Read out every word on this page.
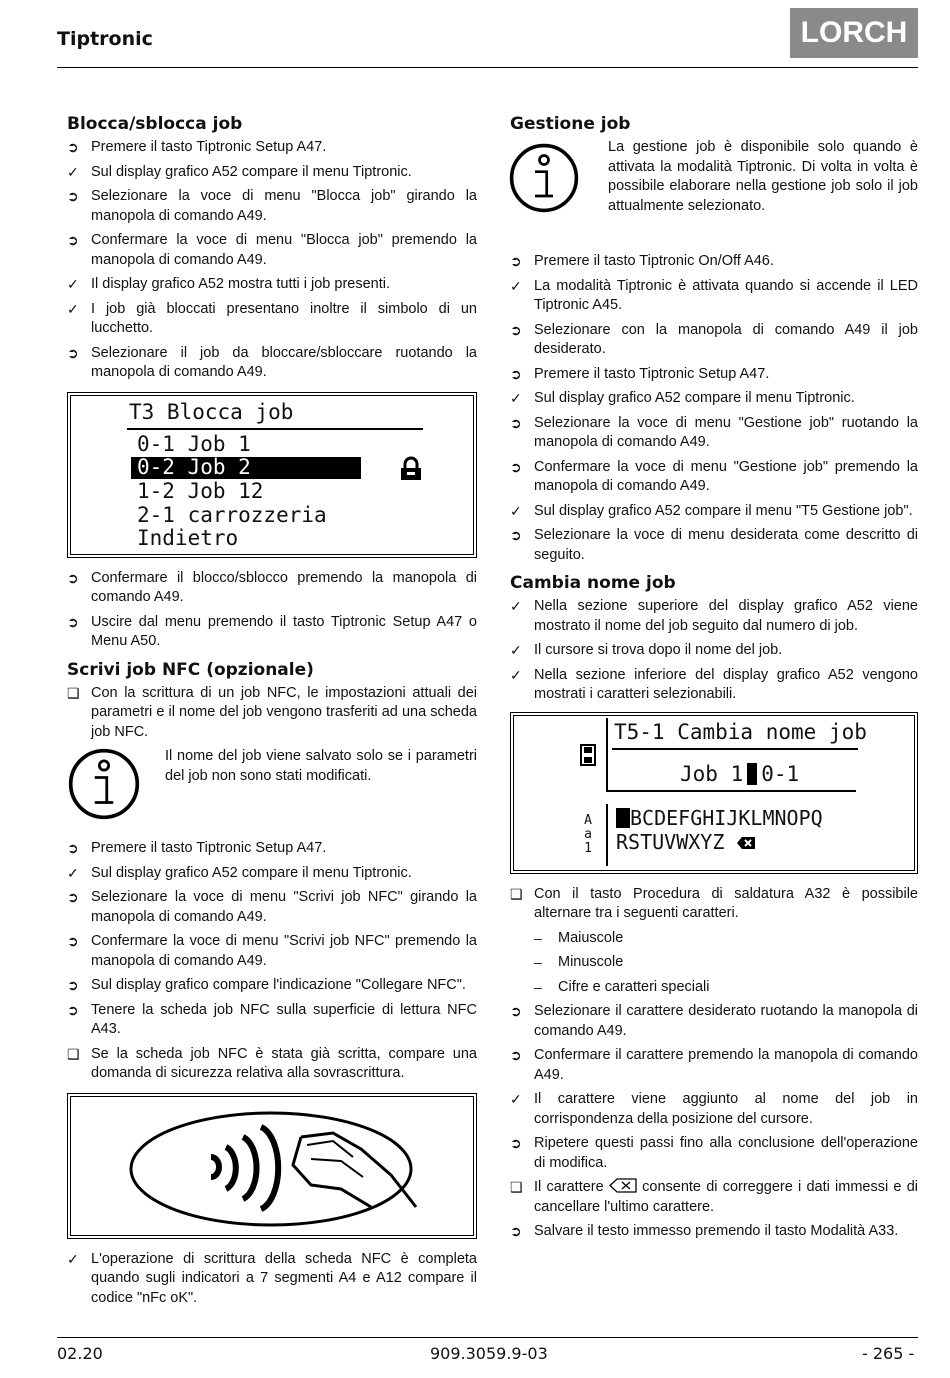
Tiptronic	LORCH
Blocca/sblocca job
➲ Premere il tasto Tiptronic Setup A47.
✓ Sul display grafico A52 compare il menu Tiptronic.
➲ Selezionare la voce di menu "Blocca job" girando la manopola di comando A49.
➲ Confermare la voce di menu "Blocca job" premendo la manopola di comando A49.
✓ Il display grafico A52 mostra tutti i job presenti.
✓ I job già bloccati presentano inoltre il simbolo di un lucchetto.
➲ Selezionare il job da bloccare/sbloccare ruotando la manopola di comando A49.
T3 Blocca job
0-1 Job 1
0-2 Job 2
1-2 Job 12
2-1 carrozzeria
Indietro
➲ Confermare il blocco/sblocco premendo la manopola di comando A49.
➲ Uscire dal menu premendo il tasto Tiptronic Setup A47 o Menu A50.
Scrivi job NFC (opzionale)
❑ Con la scrittura di un job NFC, le impostazioni attuali dei parametri e il nome del job vengono trasferiti ad una scheda job NFC.
Il nome del job viene salvato solo se i parametri del job non sono stati modificati.
➲ Premere il tasto Tiptronic Setup A47.
✓ Sul display grafico A52 compare il menu Tiptronic.
➲ Selezionare la voce di menu "Scrivi job NFC" girando la manopola di comando A49.
➲ Confermare la voce di menu "Scrivi job NFC" premendo la manopola di comando A49.
➲ Sul display grafico compare l'indicazione "Collegare NFC".
➲ Tenere la scheda job NFC sulla superficie di lettura NFC A43.
❑ Se la scheda job NFC è stata già scritta, compare una domanda di sicurezza relativa alla sovrascrittura.
✓ L'operazione di scrittura della scheda NFC è completa quando sugli indicatori a 7 segmenti A4 e A12 compare il codice "nFc oK".
Gestione job
La gestione job è disponibile solo quando è attivata la modalità Tiptronic. Di volta in volta è possibile elaborare nella gestione job solo il job attualmente selezionato.
➲ Premere il tasto Tiptronic On/Off A46.
✓ La modalità Tiptronic è attivata quando si accende il LED Tiptronic A45.
➲ Selezionare con la manopola di comando A49 il job desiderato.
➲ Premere il tasto Tiptronic Setup A47.
✓ Sul display grafico A52 compare il menu Tiptronic.
➲ Selezionare la voce di menu "Gestione job" ruotando la manopola di comando A49.
➲ Confermare la voce di menu "Gestione job" premendo la manopola di comando A49.
✓ Sul display grafico A52 compare il menu "T5 Gestione job".
➲ Selezionare la voce di menu desiderata come descritto di seguito.
Cambia nome job
✓ Nella sezione superiore del display grafico A52 viene mostrato il nome del job seguito dal numero di job.
✓ Il cursore si trova dopo il nome del job.
✓ Nella sezione inferiore del display grafico A52 vengono mostrati i caratteri selezionabili.
T5-1 Cambia nome job
Job 1 0-1
A a 1
BCDEFGHIJKLMNOPQ
RSTUVWXYZ
❑ Con il tasto Procedura di saldatura A32 è possibile alternare tra i seguenti caratteri.
– Maiuscole
– Minuscole
– Cifre e caratteri speciali
➲ Selezionare il carattere desiderato ruotando la manopola di comando A49.
➲ Confermare il carattere premendo la manopola di comando A49.
✓ Il carattere viene aggiunto al nome del job in corrispondenza della posizione del cursore.
➲ Ripetere questi passi fino alla conclusione dell'operazione di modifica.
❑ Il carattere	consente di correggere i dati immessi e di cancellare l'ultimo carattere.
➲ Salvare il testo immesso premendo il tasto Modalità A33.
02.20	909.3059.9-03	- 265 -
